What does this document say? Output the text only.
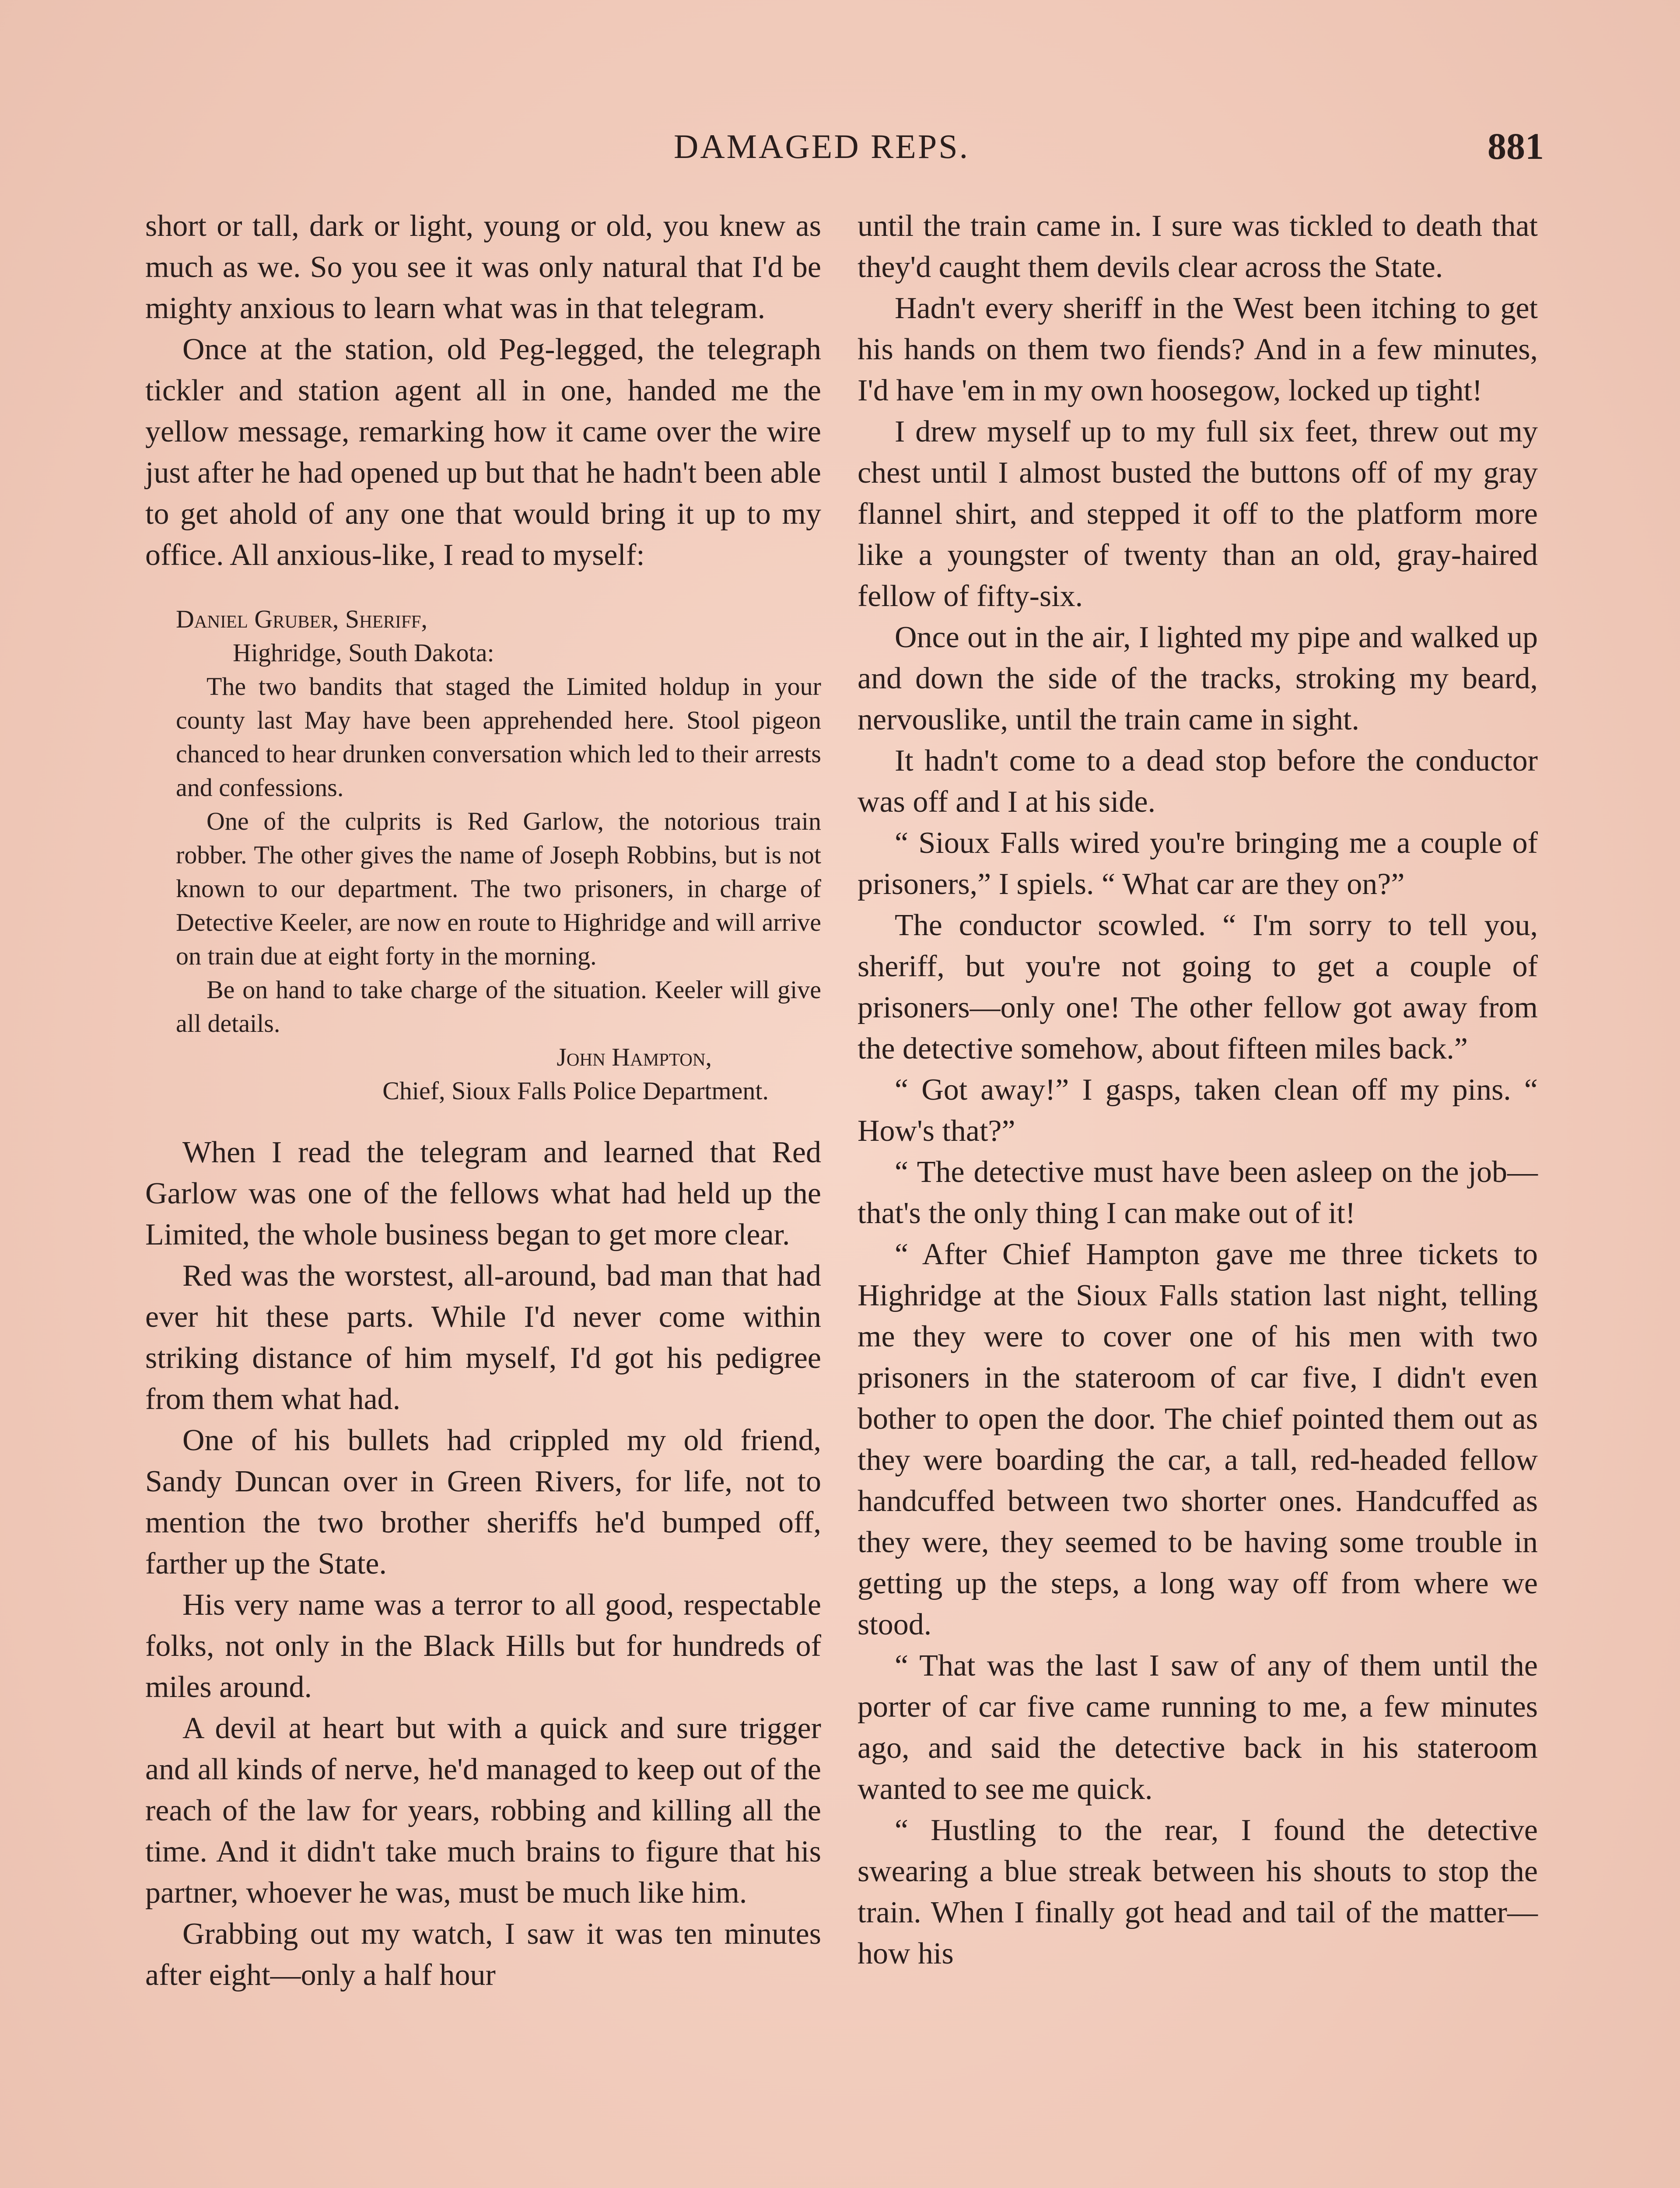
DAMAGED REPS.	881

short or tall, dark or light, young or old, you knew as much as we. So you see it was only natural that I'd be mighty anxious to learn what was in that telegram.

Once at the station, old Peg-legged, the telegraph tickler and station agent all in one, handed me the yellow message, remarking how it came over the wire just after he had opened up but that he hadn't been able to get ahold of any one that would bring it up to my office. All anxious-like, I read to myself:

Daniel Gruber, Sheriff,

Highridge, South Dakota:

The two bandits that staged the Limited holdup in your county last May have been apprehended here. Stool pigeon chanced to hear drunken conversation which led to their arrests and confessions.

One of the culprits is Red Garlow, the notorious train robber. The other gives the name of Joseph Robbins, but is not known to our department. The two prisoners, in charge of Detective Keeler, are now en route to Highridge and will arrive on train due at eight forty in the morning.

Be on hand to take charge of the situation. Keeler will give all details.

John Hampton,

Chief, Sioux Falls Police Department.

When I read the telegram and learned that Red Garlow was one of the fellows what had held up the Limited, the whole business began to get more clear.

Red was the worstest, all-around, bad man that had ever hit these parts. While I'd never come within striking distance of him myself, I'd got his pedigree from them what had.

One of his bullets had crippled my old friend, Sandy Duncan over in Green Rivers, for life, not to mention the two brother sheriffs he'd bumped off, farther up the State.

His very name was a terror to all good, respectable folks, not only in the Black Hills but for hundreds of miles around.

A devil at heart but with a quick and sure trigger and all kinds of nerve, he'd managed to keep out of the reach of the law for years, robbing and killing all the time. And it didn't take much brains to figure that his partner, whoever he was, must be much like him.

Grabbing out my watch, I saw it was ten minutes after eight—only a half hour

until the train came in. I sure was tickled to death that they'd caught them devils clear across the State.

Hadn't every sheriff in the West been itching to get his hands on them two fiends? And in a few minutes, I'd have 'em in my own hoosegow, locked up tight!

I drew myself up to my full six feet, threw out my chest until I almost busted the buttons off of my gray flannel shirt, and stepped it off to the platform more like a youngster of twenty than an old, gray-haired fellow of fifty-six.

Once out in the air, I lighted my pipe and walked up and down the side of the tracks, stroking my beard, nervouslike, until the train came in sight.

It hadn't come to a dead stop before the conductor was off and I at his side.

“ Sioux Falls wired you're bringing me a couple of prisoners,” I spiels. “ What car are they on?”

The conductor scowled. “ I'm sorry to tell you, sheriff, but you're not going to get a couple of prisoners—only one! The other fellow got away from the detective somehow, about fifteen miles back.”

“ Got away!” I gasps, taken clean off my pins. “ How's that?”

“ The detective must have been asleep on the job—that's the only thing I can make out of it!

“ After Chief Hampton gave me three tickets to Highridge at the Sioux Falls station last night, telling me they were to cover one of his men with two prisoners in the stateroom of car five, I didn't even bother to open the door. The chief pointed them out as they were boarding the car, a tall, red-headed fellow handcuffed between two shorter ones. Handcuffed as they were, they seemed to be having some trouble in getting up the steps, a long way off from where we stood.

“ That was the last I saw of any of them until the porter of car five came running to me, a few minutes ago, and said the detective back in his stateroom wanted to see me quick.

“ Hustling to the rear, I found the detective swearing a blue streak between his shouts to stop the train. When I finally got head and tail of the matter—how his
